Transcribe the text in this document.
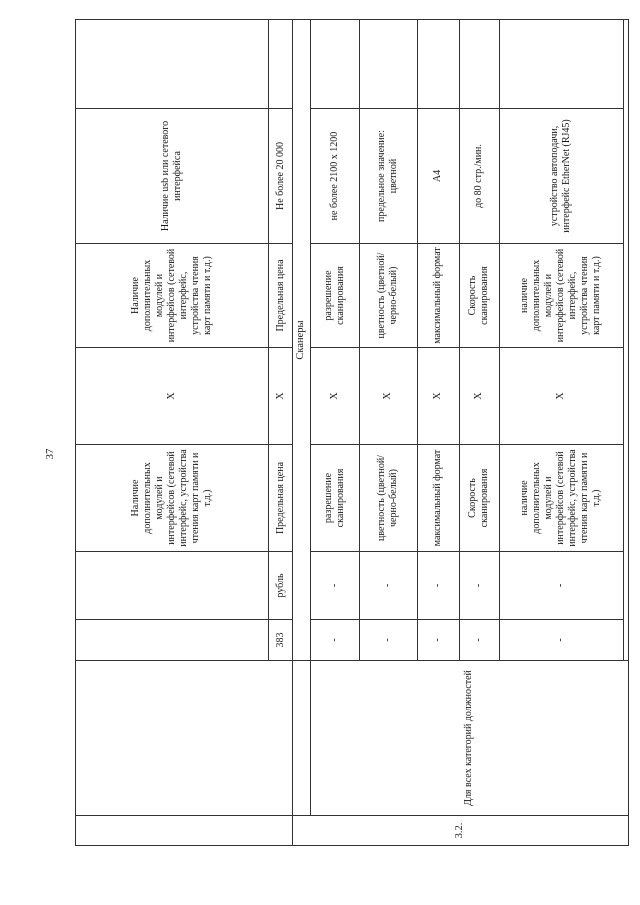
37
				Наличие дополнительных модулей и интерфейсов (сетевой интерфейс, устройства чтения карт памяти и т.д.)	Х	Наличие дополнительных модулей и интерфейсов (сетевой интерфейс, устройства чтения карт памяти и т.д.)	Наличие usb или сетевого интерфейса	
		383	рубль	Предельная цена	Х	Предельная цена	Не более 20 000	
3.2.		Сканеры						
	Для всех категорий должностей	-	-	разрешение сканирования	Х	разрешение сканирования	не более 2100 х 1200	
		-	-	цветность (цветной/черно-белый)	Х	цветность (цветной/черно-белый)	предельное значение: цветной	
		-	-	максимальный формат	Х	максимальный формат	А4	
		-	-	Скорость сканирования	Х	Скорость сканирования	до 80 стр./мин.	
		-	-	наличие дополнительных модулей и интерфейсов (сетевой интерфейс, устройства чтения карт памяти и т.д.)	Х	наличие дополнительных модулей и интерфейсов (сетевой интерфейс, устройства чтения карт памяти и т.д.)	устройство автоподачи, интерфейс EtherNet (RJ45)	
